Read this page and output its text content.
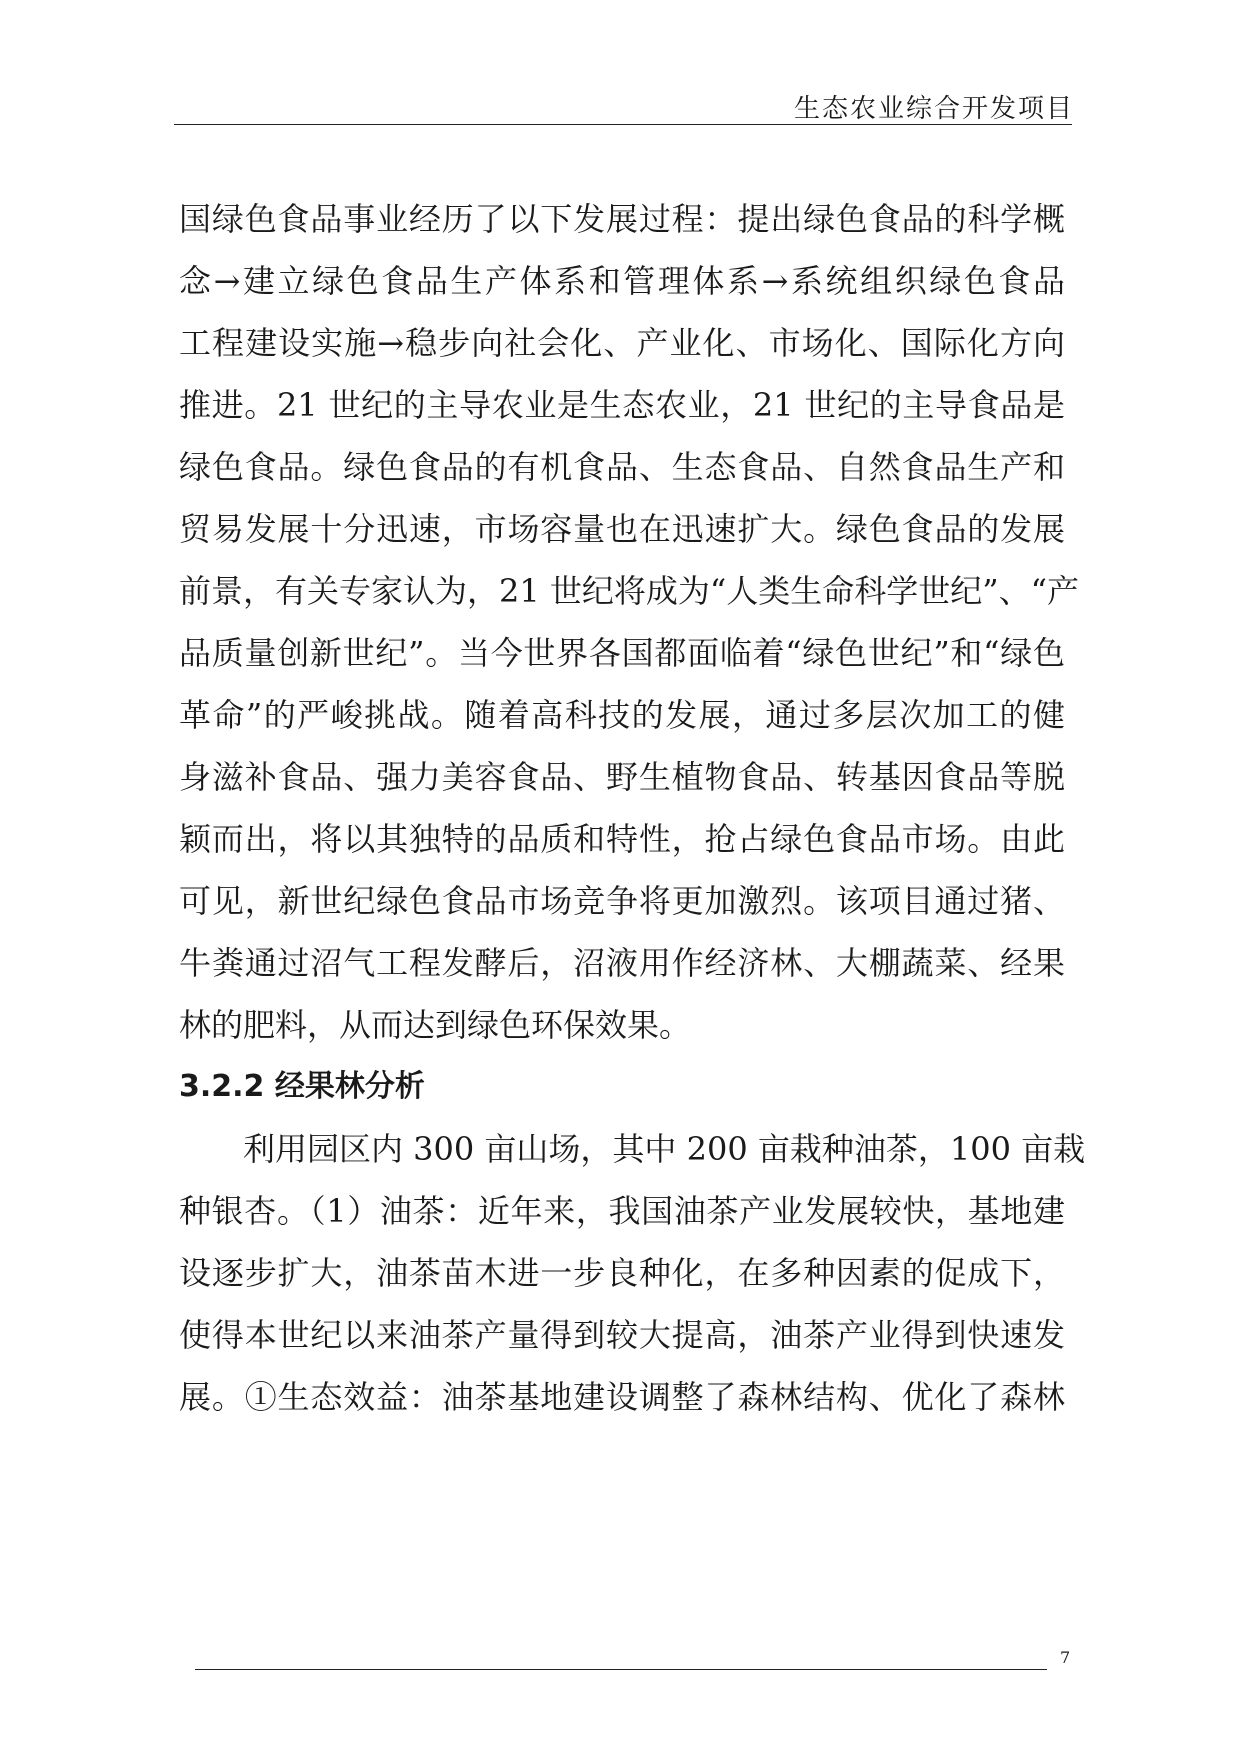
生态农业综合开发项目
国绿色食品事业经历了以下发展过程：提出绿色食品的科学概
念→建立绿色食品生产体系和管理体系→系统组织绿色食品
工程建设实施→稳步向社会化、产业化、市场化、国际化方向
推进。21 世纪的主导农业是生态农业，21 世纪的主导食品是
绿色食品。绿色食品的有机食品、生态食品、自然食品生产和
贸易发展十分迅速，市场容量也在迅速扩大。绿色食品的发展
前景，有关专家认为，21 世纪将成为“人类生命科学世纪”、“产
品质量创新世纪”。当今世界各国都面临着“绿色世纪”和“绿色
革命”的严峻挑战。随着高科技的发展，通过多层次加工的健
身滋补食品、强力美容食品、野生植物食品、转基因食品等脱
颖而出，将以其独特的品质和特性，抢占绿色食品市场。由此
可见，新世纪绿色食品市场竞争将更加激烈。该项目通过猪、
牛粪通过沼气工程发酵后，沼液用作经济林、大棚蔬菜、经果
林的肥料，从而达到绿色环保效果。
3.2.2 经果林分析
利用园区内 300 亩山场，其中 200 亩栽种油茶，100 亩栽
种银杏。（1）油茶：近年来，我国油茶产业发展较快，基地建
设逐步扩大，油茶苗木进一步良种化，在多种因素的促成下，
使得本世纪以来油茶产量得到较大提高，油茶产业得到快速发
展。①生态效益：油茶基地建设调整了森林结构、优化了森林
7
